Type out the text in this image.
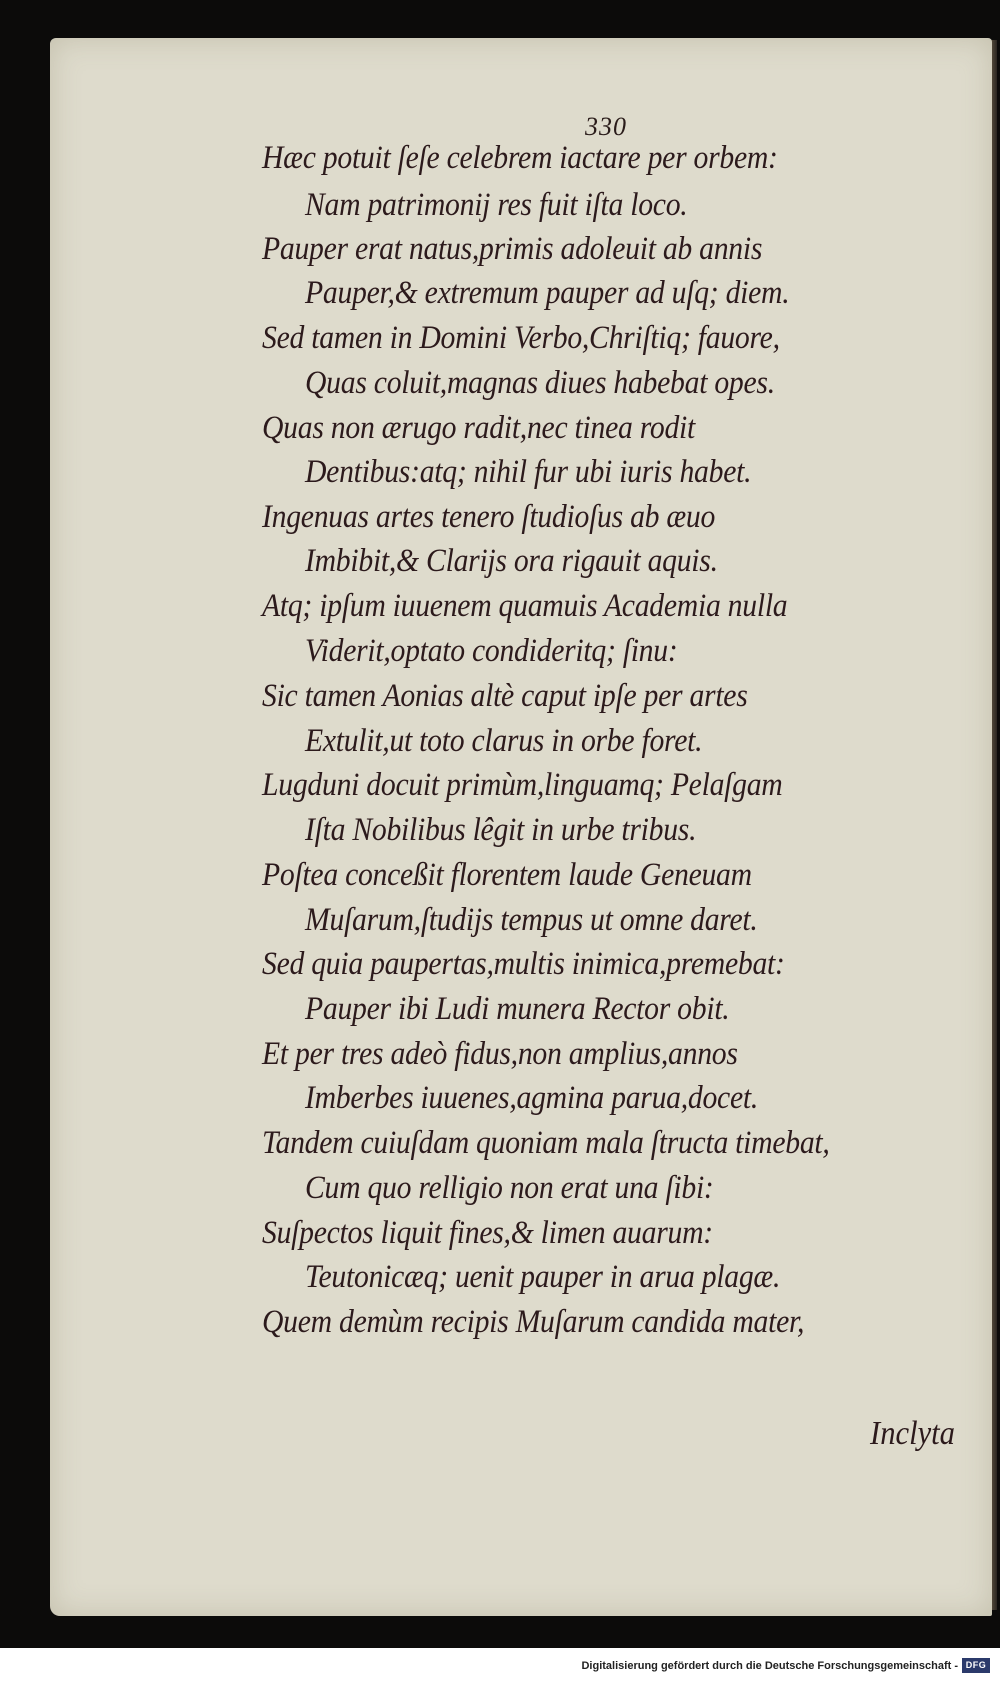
330
Hæc potuit ſeſe celebrem iactare per orbem:
Nam patrimonij res fuit iſta loco.
Pauper erat natus,primis adoleuit ab annis
Pauper,& extremum pauper ad uſq; diem.
Sed tamen in Domini Verbo,Chriſtiq; fauore,
Quas coluit,magnas diues habebat opes.
Quas non ærugo radit,nec tinea rodit
Dentibus:atq; nihil fur ubi iuris habet.
Ingenuas artes tenero ſtudioſus ab æuo
Imbibit,& Clarijs ora rigauit aquis.
Atq; ipſum iuuenem quamuis Academia nulla
Viderit,optato condideritq; ſinu:
Sic tamen Aonias altè caput ipſe per artes
Extulit,ut toto clarus in orbe foret.
Lugduni docuit primùm,linguamq; Pelaſgam
Iſta Nobilibus lêgit in urbe tribus.
Poſtea conceßit florentem laude Geneuam
Muſarum,ſtudijs tempus ut omne daret.
Sed quia paupertas,multis inimica,premebat:
Pauper ibi Ludi munera Rector obit.
Et per tres adeò fidus,non amplius,annos
Imberbes iuuenes,agmina parua,docet.
Tandem cuiuſdam quoniam mala ſtructa timebat,
Cum quo relligio non erat una ſibi:
Suſpectos liquit fines,& limen auarum:
Teutonicæq; uenit pauper in arua plagæ.
Quem demùm recipis Muſarum candida mater,
Inclyta
Digitalisierung gefördert durch die Deutsche Forschungsgemeinschaft - DFG
